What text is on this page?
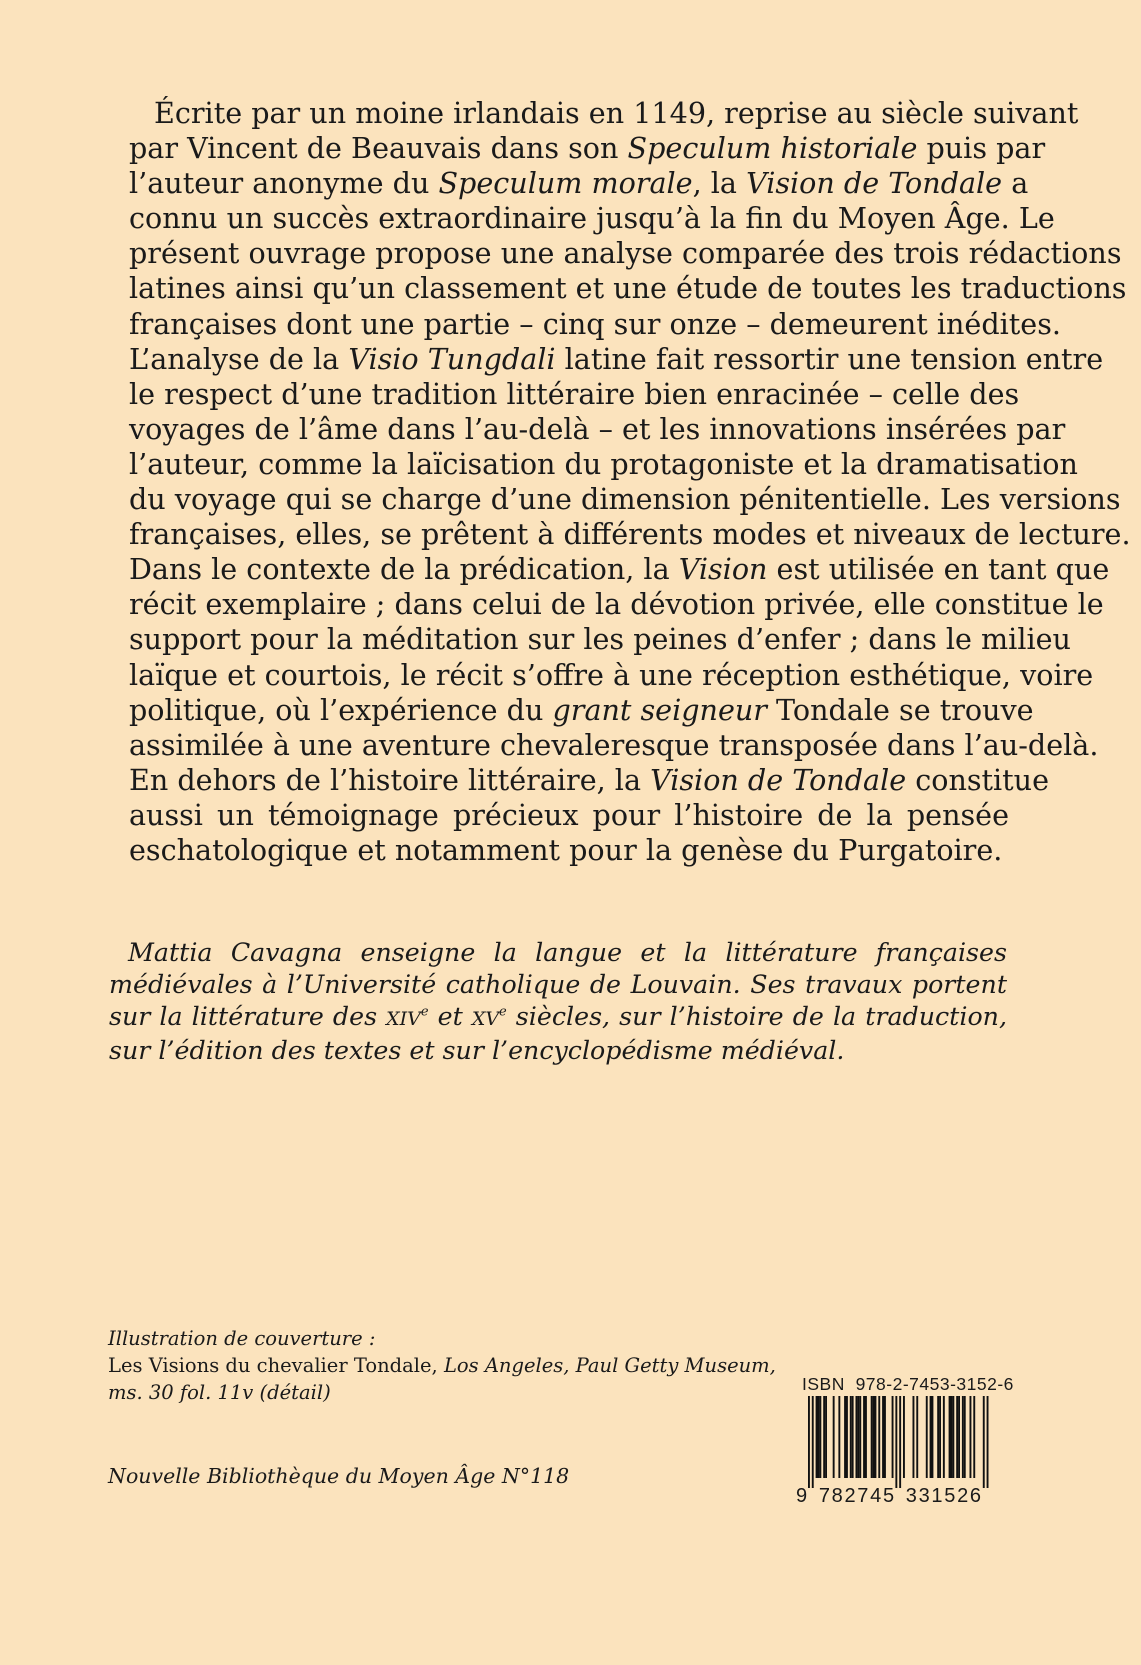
Écrite par un moine irlandais en 1149, reprise au siècle suivant
par Vincent de Beauvais dans son Speculum historiale puis par
l’auteur anonyme du Speculum morale, la Vision de Tondale a
connu un succès extraordinaire jusqu’à la fin du Moyen Âge. Le
présent ouvrage propose une analyse comparée des trois rédactions
latines ainsi qu’un classement et une étude de toutes les traductions
françaises dont une partie – cinq sur onze – demeurent inédites.
L’analyse de la Visio Tungdali latine fait ressortir une tension entre
le respect d’une tradition littéraire bien enracinée – celle des
voyages de l’âme dans l’au-delà – et les innovations insérées par
l’auteur, comme la laïcisation du protagoniste et la dramatisation
du voyage qui se charge d’une dimension pénitentielle. Les versions
françaises, elles, se prêtent à différents modes et niveaux de lecture.
Dans le contexte de la prédication, la Vision est utilisée en tant que
récit exemplaire ; dans celui de la dévotion privée, elle constitue le
support pour la méditation sur les peines d’enfer ; dans le milieu
laïque et courtois, le récit s’offre à une réception esthétique, voire
politique, où l’expérience du grant seigneur Tondale se trouve
assimilée à une aventure chevaleresque transposée dans l’au-delà.
En dehors de l’histoire littéraire, la Vision de Tondale constitue
aussi un témoignage précieux pour l’histoire de la pensée
eschatologique et notamment pour la genèse du Purgatoire.

Mattia Cavagna enseigne la langue et la littérature françaises
médiévales à l’Université catholique de Louvain. Ses travaux portent
sur la littérature des XIVe et XVe siècles, sur l’histoire de la traduction,
sur l’édition des textes et sur l’encyclopédisme médiéval.

Illustration de couverture :
Les Visions du chevalier Tondale, Los Angeles, Paul Getty Museum,
ms. 30 fol. 11v (détail)
Nouvelle Bibliothèque du Moyen Âge N°118
ISBN  978-2-7453-3152-6
9 782745 331526
